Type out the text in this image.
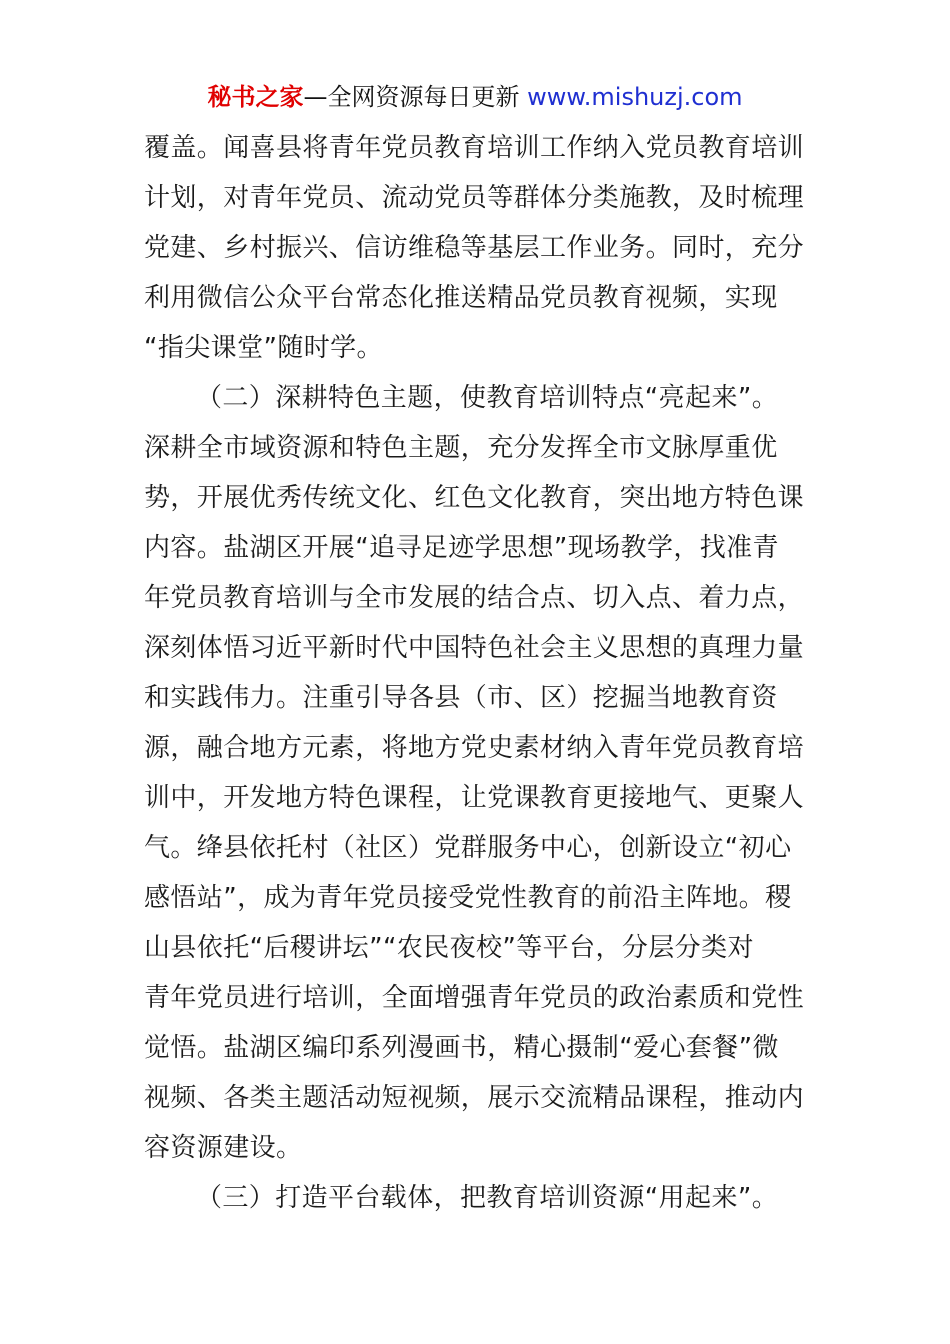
秘书之家—全网资源每日更新 www.mishuzj.com
覆盖。闻喜县将青年党员教育培训工作纳入党员教育培训
计划，对青年党员、流动党员等群体分类施教，及时梳理
党建、乡村振兴、信访维稳等基层工作业务。同时，充分
利用微信公众平台常态化推送精品党员教育视频，实现
“指尖课堂”随时学。
（二）深耕特色主题，使教育培训特点“亮起来”。
深耕全市域资源和特色主题，充分发挥全市文脉厚重优
势，开展优秀传统文化、红色文化教育，突出地方特色课
内容。盐湖区开展“追寻足迹学思想”现场教学，找准青
年党员教育培训与全市发展的结合点、切入点、着力点，
深刻体悟习近平新时代中国特色社会主义思想的真理力量
和实践伟力。注重引导各县（市、区）挖掘当地教育资
源，融合地方元素，将地方党史素材纳入青年党员教育培
训中，开发地方特色课程，让党课教育更接地气、更聚人
气。绛县依托村（社区）党群服务中心，创新设立“初心
感悟站”，成为青年党员接受党性教育的前沿主阵地。稷
山县依托“后稷讲坛”“农民夜校”等平台，分层分类对
青年党员进行培训，全面增强青年党员的政治素质和党性
觉悟。盐湖区编印系列漫画书，精心摄制“爱心套餐”微
视频、各类主题活动短视频，展示交流精品课程，推动内
容资源建设。
（三）打造平台载体，把教育培训资源“用起来”。
